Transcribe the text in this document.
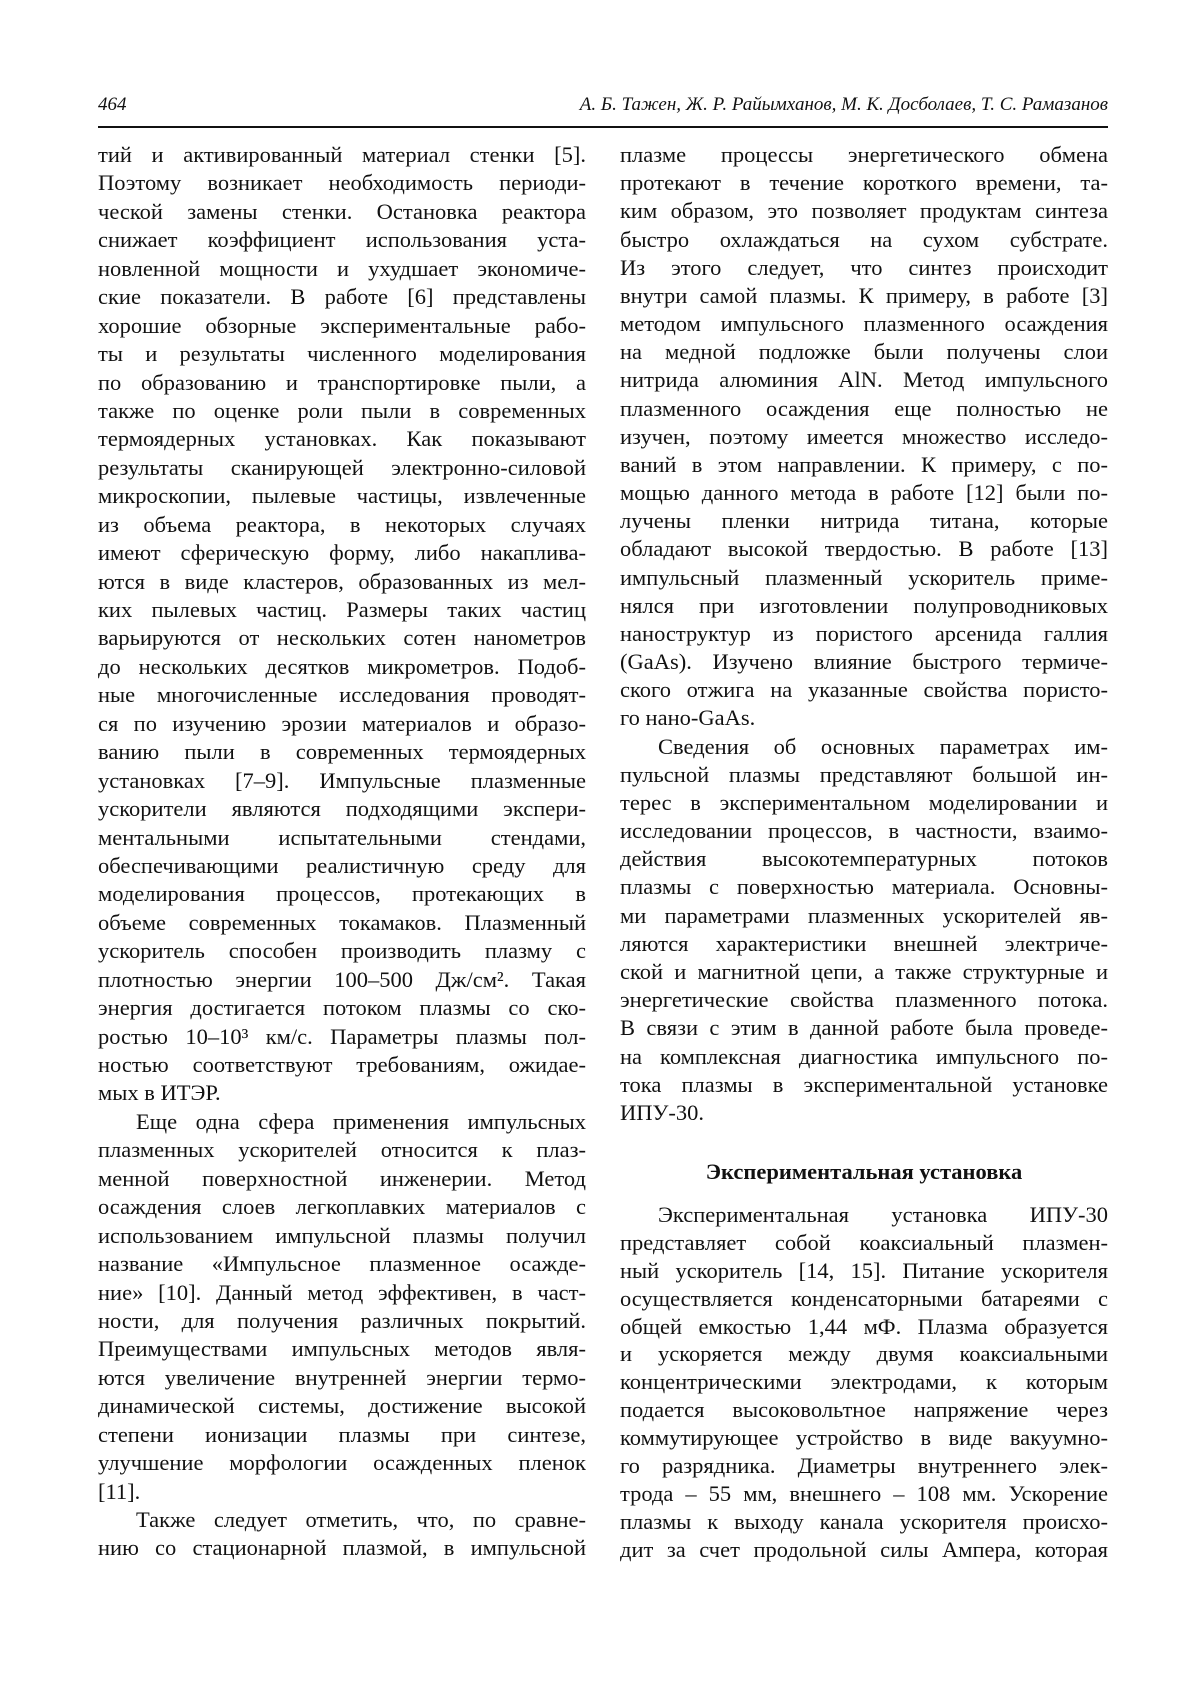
464	А. Б. Тажен, Ж. Р. Райымханов, М. К. Досболаев, Т. С. Рамазанов
тий и активированный материал стенки [5].
Поэтому возникает необходимость периоди-
ческой замены стенки. Остановка реактора
снижает коэффициент использования уста-
новленной мощности и ухудшает экономиче-
ские показатели. В работе [6] представлены
хорошие обзорные экспериментальные рабо-
ты и результаты численного моделирования
по образованию и транспортировке пыли, а
также по оценке роли пыли в современных
термоядерных установках. Как показывают
результаты сканирующей электронно-силовой
микроскопии, пылевые частицы, извлеченные
из объема реактора, в некоторых случаях
имеют сферическую форму, либо накаплива-
ются в виде кластеров, образованных из мел-
ких пылевых частиц. Размеры таких частиц
варьируются от нескольких сотен нанометров
до нескольких десятков микрометров. Подоб-
ные многочисленные исследования проводят-
ся по изучению эрозии материалов и образо-
ванию пыли в современных термоядерных
установках [7–9]. Импульсные плазменные
ускорители являются подходящими экспери-
ментальными испытательными стендами,
обеспечивающими реалистичную среду для
моделирования процессов, протекающих в
объеме современных токамаков. Плазменный
ускоритель способен производить плазму с
плотностью энергии 100–500 Дж/см². Такая
энергия достигается потоком плазмы со ско-
ростью 10–10³ км/с. Параметры плазмы пол-
ностью соответствуют требованиям, ожидае-
мых в ИТЭР.
Еще одна сфера применения импульсных
плазменных ускорителей относится к плаз-
менной поверхностной инженерии. Метод
осаждения слоев легкоплавких материалов с
использованием импульсной плазмы получил
название «Импульсное плазменное осажде-
ние» [10]. Данный метод эффективен, в част-
ности, для получения различных покрытий.
Преимуществами импульсных методов явля-
ются увеличение внутренней энергии термо-
динамической системы, достижение высокой
степени ионизации плазмы при синтезе,
улучшение морфологии осажденных пленок
[11].
Также следует отметить, что, по сравне-
нию со стационарной плазмой, в импульсной
плазме процессы энергетического обмена
протекают в течение короткого времени, та-
ким образом, это позволяет продуктам синтеза
быстро охлаждаться на сухом субстрате.
Из этого следует, что синтез происходит
внутри самой плазмы. К примеру, в работе [3]
методом импульсного плазменного осаждения
на медной подложке были получены слои
нитрида алюминия AlN. Метод импульсного
плазменного осаждения еще полностью не
изучен, поэтому имеется множество исследо-
ваний в этом направлении. К примеру, с по-
мощью данного метода в работе [12] были по-
лучены пленки нитрида титана, которые
обладают высокой твердостью. В работе [13]
импульсный плазменный ускоритель приме-
нялся при изготовлении полупроводниковых
наноструктур из пористого арсенида галлия
(GaAs). Изучено влияние быстрого термиче-
ского отжига на указанные свойства пористо-
го нано-GaAs.
Сведения об основных параметрах им-
пульсной плазмы представляют большой ин-
терес в экспериментальном моделировании и
исследовании процессов, в частности, взаимо-
действия высокотемпературных потоков
плазмы с поверхностью материала. Основны-
ми параметрами плазменных ускорителей яв-
ляются характеристики внешней электриче-
ской и магнитной цепи, а также структурные и
энергетические свойства плазменного потока.
В связи с этим в данной работе была проведе-
на комплексная диагностика импульсного по-
тока плазмы в экспериментальной установке
ИПУ-30.
Экспериментальная установка
Экспериментальная установка ИПУ-30
представляет собой коаксиальный плазмен-
ный ускоритель [14, 15]. Питание ускорителя
осуществляется конденсаторными батареями с
общей емкостью 1,44 мФ. Плазма образуется
и ускоряется между двумя коаксиальными
концентрическими электродами, к которым
подается высоковольтное напряжение через
коммутирующее устройство в виде вакуумно-
го разрядника. Диаметры внутреннего элек-
трода – 55 мм, внешнего – 108 мм. Ускорение
плазмы к выходу канала ускорителя происхо-
дит за счет продольной силы Ампера, которая
